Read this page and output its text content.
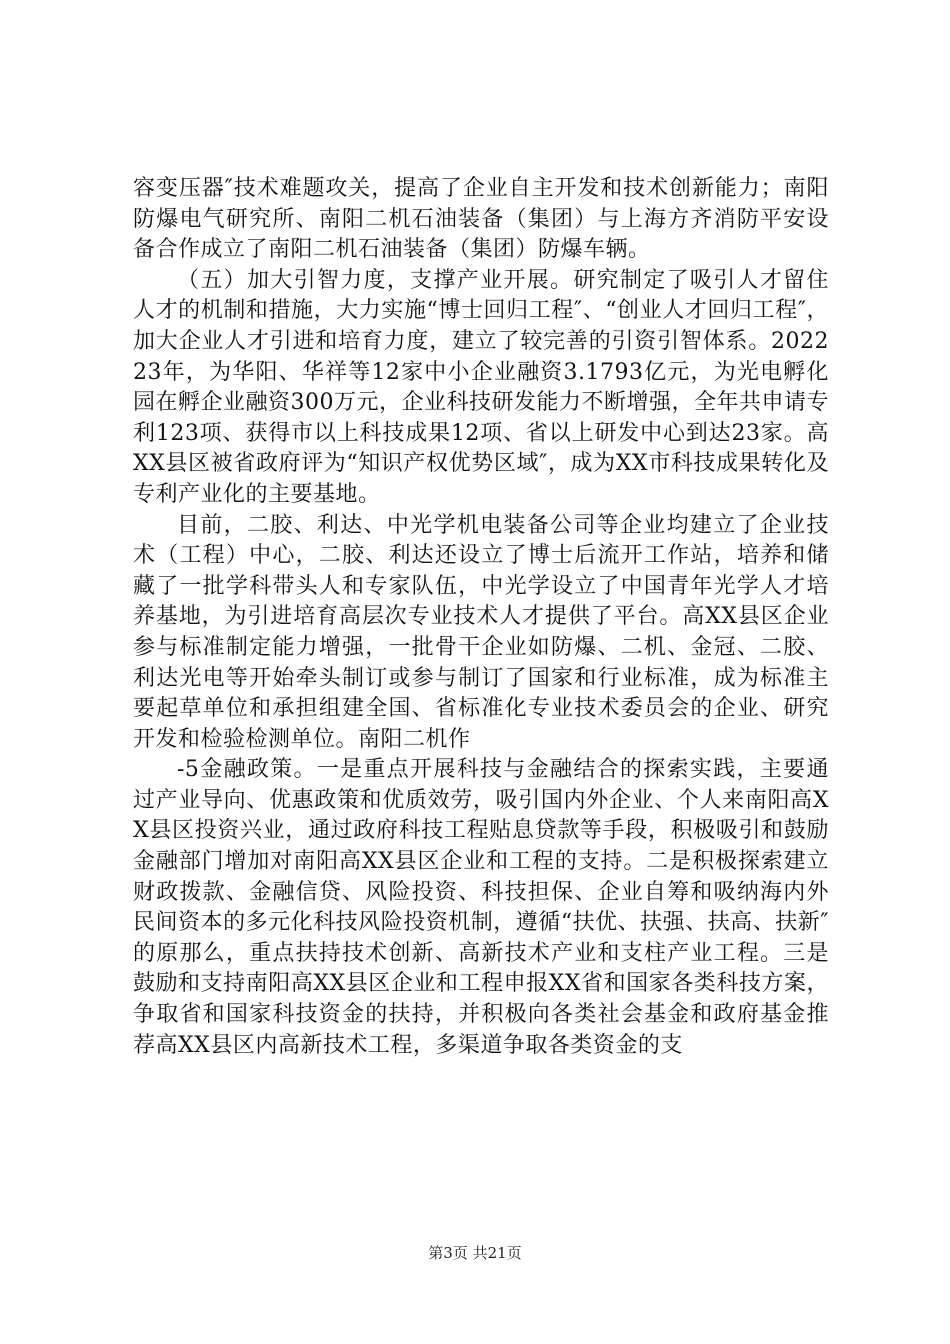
容变压器″技术难题攻关，提高了企业自主开发和技术创新能力；南阳防爆电气研究所、南阳二机石油装备（集团）与上海方齐消防平安设备合作成立了南阳二机石油装备（集团）防爆车辆。

（五）加大引智力度，支撑产业开展。研究制定了吸引人才留住人才的机制和措施，大力实施“博士回归工程″、“创业人才回归工程″，加大企业人才引进和培育力度，建立了较完善的引资引智体系。202223年，为华阳、华祥等12家中小企业融资3.1793亿元，为光电孵化园在孵企业融资300万元，企业科技研发能力不断增强，全年共申请专利123项、获得市以上科技成果12项、省以上研发中心到达23家。高XX县区被省政府评为“知识产权优势区域″，成为XX市科技成果转化及专利产业化的主要基地。

目前，二胶、利达、中光学机电装备公司等企业均建立了企业技术（工程）中心，二胶、利达还设立了博士后流开工作站，培养和储藏了一批学科带头人和专家队伍，中光学设立了中国青年光学人才培养基地，为引进培育高层次专业技术人才提供了平台。高XX县区企业参与标准制定能力增强，一批骨干企业如防爆、二机、金冠、二胶、利达光电等开始牵头制订或参与制订了国家和行业标准，成为标准主要起草单位和承担组建全国、省标准化专业技术委员会的企业、研究开发和检验检测单位。南阳二机作

-5金融政策。一是重点开展科技与金融结合的探索实践，主要通过产业导向、优惠政策和优质效劳，吸引国内外企业、个人来南阳高XX县区投资兴业，通过政府科技工程贴息贷款等手段，积极吸引和鼓励金融部门增加对南阳高XX县区企业和工程的支持。二是积极探索建立财政拨款、金融信贷、风险投资、科技担保、企业自筹和吸纳海内外民间资本的多元化科技风险投资机制，遵循“扶优、扶强、扶高、扶新″的原那么，重点扶持技术创新、高新技术产业和支柱产业工程。三是鼓励和支持南阳高XX县区企业和工程申报XX省和国家各类科技方案，争取省和国家科技资金的扶持，并积极向各类社会基金和政府基金推荐高XX县区内高新技术工程，多渠道争取各类资金的支

第3页 共21页
